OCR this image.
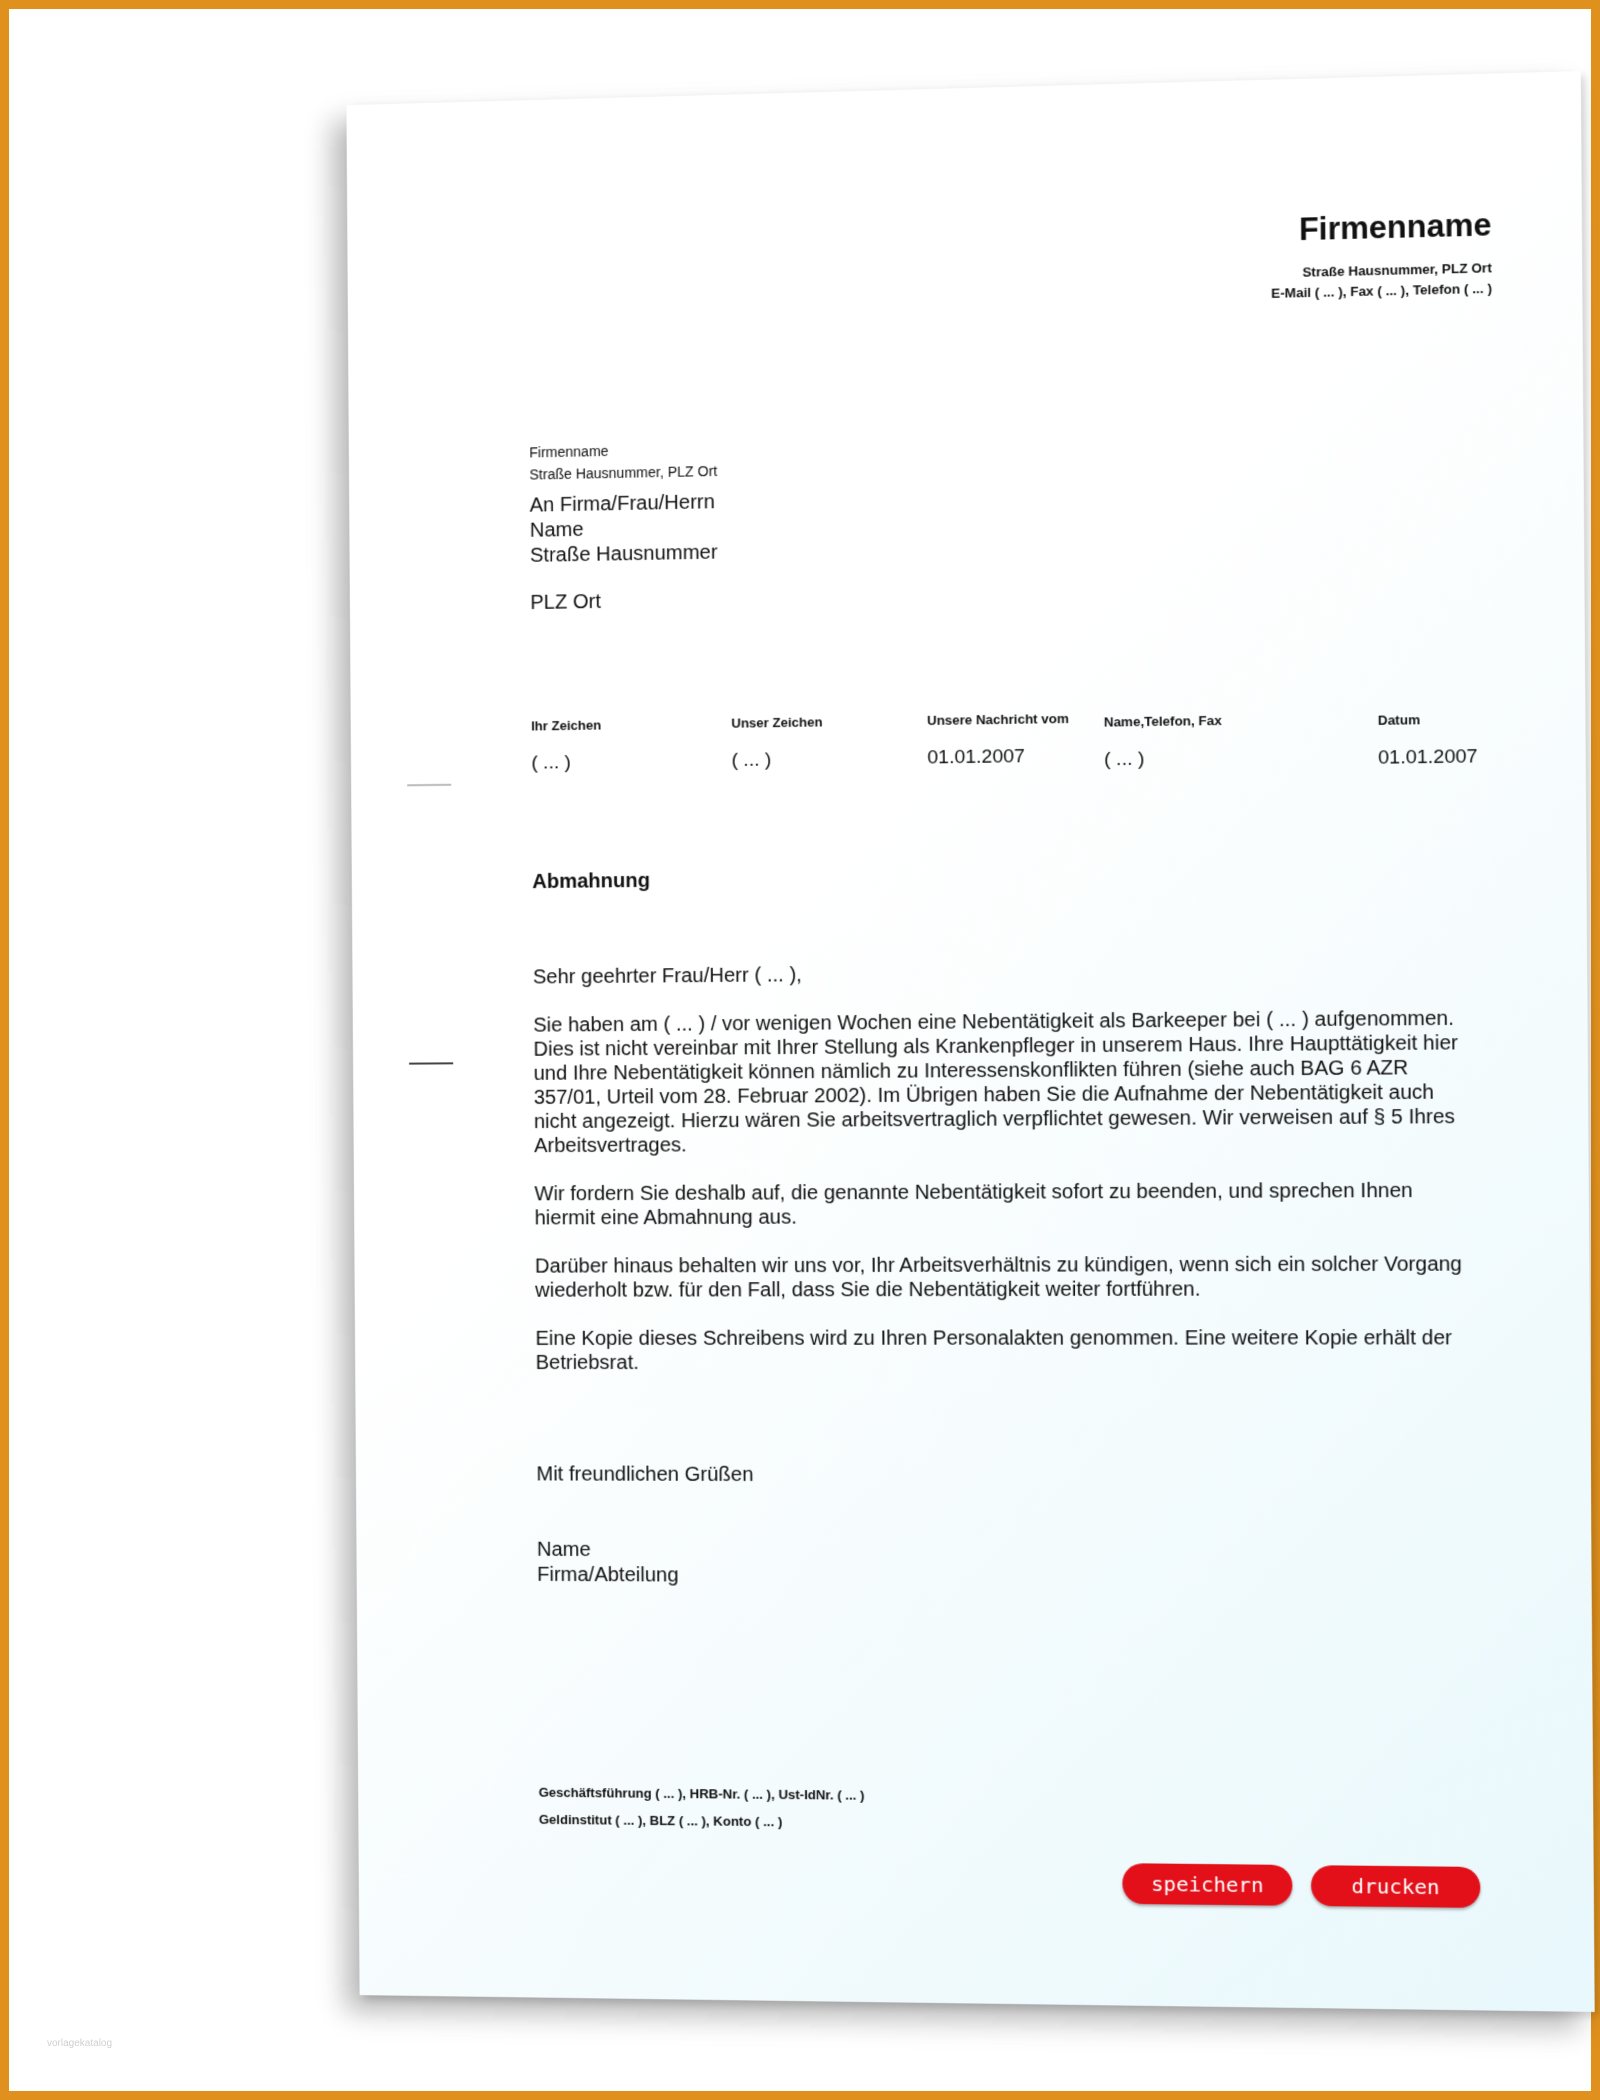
Firmenname
Straße Hausnummer, PLZ Ort
E-Mail ( ... ), Fax ( ... ), Telefon ( ... )
Firmenname
Straße Hausnummer, PLZ Ort
An Firma/Frau/Herrn
Name
Straße Hausnummer
PLZ Ort
Ihr Zeichen
( ... )
Unser Zeichen
( ... )
Unsere Nachricht vom
01.01.2007
Name,Telefon, Fax
( ... )
Datum
01.01.2007
Abmahnung

Sehr geehrter Frau/Herr ( ... ),

Sie haben am ( ... ) / vor wenigen Wochen eine Nebentätigkeit als Barkeeper bei ( ... ) aufgenommen. Dies ist nicht vereinbar mit Ihrer Stellung als Krankenpfleger in unserem Haus. Ihre Haupttätigkeit hier und Ihre Nebentätigkeit können nämlich zu Interessenskonflikten führen (siehe auch BAG 6 AZR 357/01, Urteil vom 28. Februar 2002). Im Übrigen haben Sie die Aufnahme der Nebentätigkeit auch nicht angezeigt. Hierzu wären Sie arbeitsvertraglich verpflichtet gewesen. Wir verweisen auf § 5 Ihres Arbeitsvertrages.

Wir fordern Sie deshalb auf, die genannte Nebentätigkeit sofort zu beenden, und sprechen Ihnen hiermit eine Abmahnung aus.

Darüber hinaus behalten wir uns vor, Ihr Arbeitsverhältnis zu kündigen, wenn sich ein solcher Vorgang wiederholt bzw. für den Fall, dass Sie die Nebentätigkeit weiter fortführen.

Eine Kopie dieses Schreibens wird zu Ihren Personalakten genommen. Eine weitere Kopie erhält der Betriebsrat.

Mit freundlichen Grüßen
Name
Firma/Abteilung
Geschäftsführung ( ... ), HRB-Nr. ( ... ), Ust-IdNr. ( ... )
Geldinstitut ( ... ), BLZ ( ... ), Konto ( ... )
speichern	drucken
vorlagekatalog
